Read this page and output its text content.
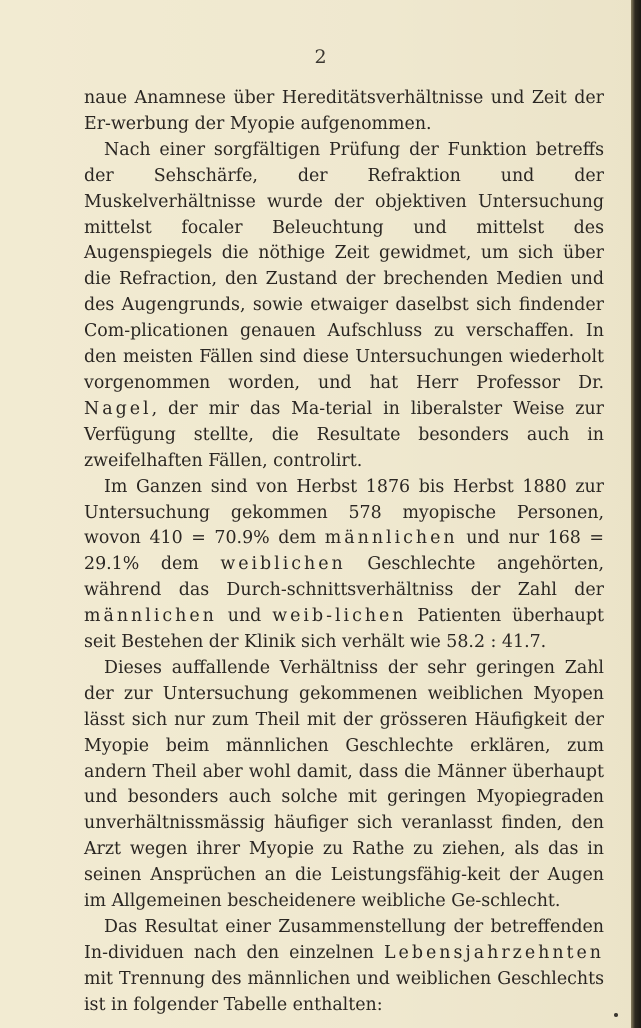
2

naue Anamnese über Hereditätsverhältnisse und Zeit der Er-werbung der Myopie aufgenommen.

Nach einer sorgfältigen Prüfung der Funktion betreffs der Sehschärfe, der Refraktion und der Muskelverhältnisse wurde der objektiven Untersuchung mittelst focaler Beleuchtung und mittelst des Augenspiegels die nöthige Zeit gewidmet, um sich über die Refraction, den Zustand der brechenden Medien und des Augengrunds, sowie etwaiger daselbst sich findender Com-plicationen genauen Aufschluss zu verschaffen. In den meisten Fällen sind diese Untersuchungen wiederholt vorgenommen worden, und hat Herr Professor Dr. Nagel, der mir das Ma-terial in liberalster Weise zur Verfügung stellte, die Resultate besonders auch in zweifelhaften Fällen, controlirt.

Im Ganzen sind von Herbst 1876 bis Herbst 1880 zur Untersuchung gekommen 578 myopische Personen, wovon 410 = 70.9% dem männlichen und nur 168 = 29.1% dem weiblichen Geschlechte angehörten, während das Durch-schnittsverhältniss der Zahl der männlichen und weib-lichen Patienten überhaupt seit Bestehen der Klinik sich verhält wie 58.2 : 41.7.

Dieses auffallende Verhältniss der sehr geringen Zahl der zur Untersuchung gekommenen weiblichen Myopen lässt sich nur zum Theil mit der grösseren Häufigkeit der Myopie beim männlichen Geschlechte erklären, zum andern Theil aber wohl damit, dass die Männer überhaupt und besonders auch solche mit geringen Myopiegraden unverhältnissmässig häufiger sich veranlasst finden, den Arzt wegen ihrer Myopie zu Rathe zu ziehen, als das in seinen Ansprüchen an die Leistungsfähig-keit der Augen im Allgemeinen bescheidenere weibliche Ge-schlecht.

Das Resultat einer Zusammenstellung der betreffenden In-dividuen nach den einzelnen Lebensjahrzehnten mit Trennung des männlichen und weiblichen Geschlechts ist in folgender Tabelle enthalten:
